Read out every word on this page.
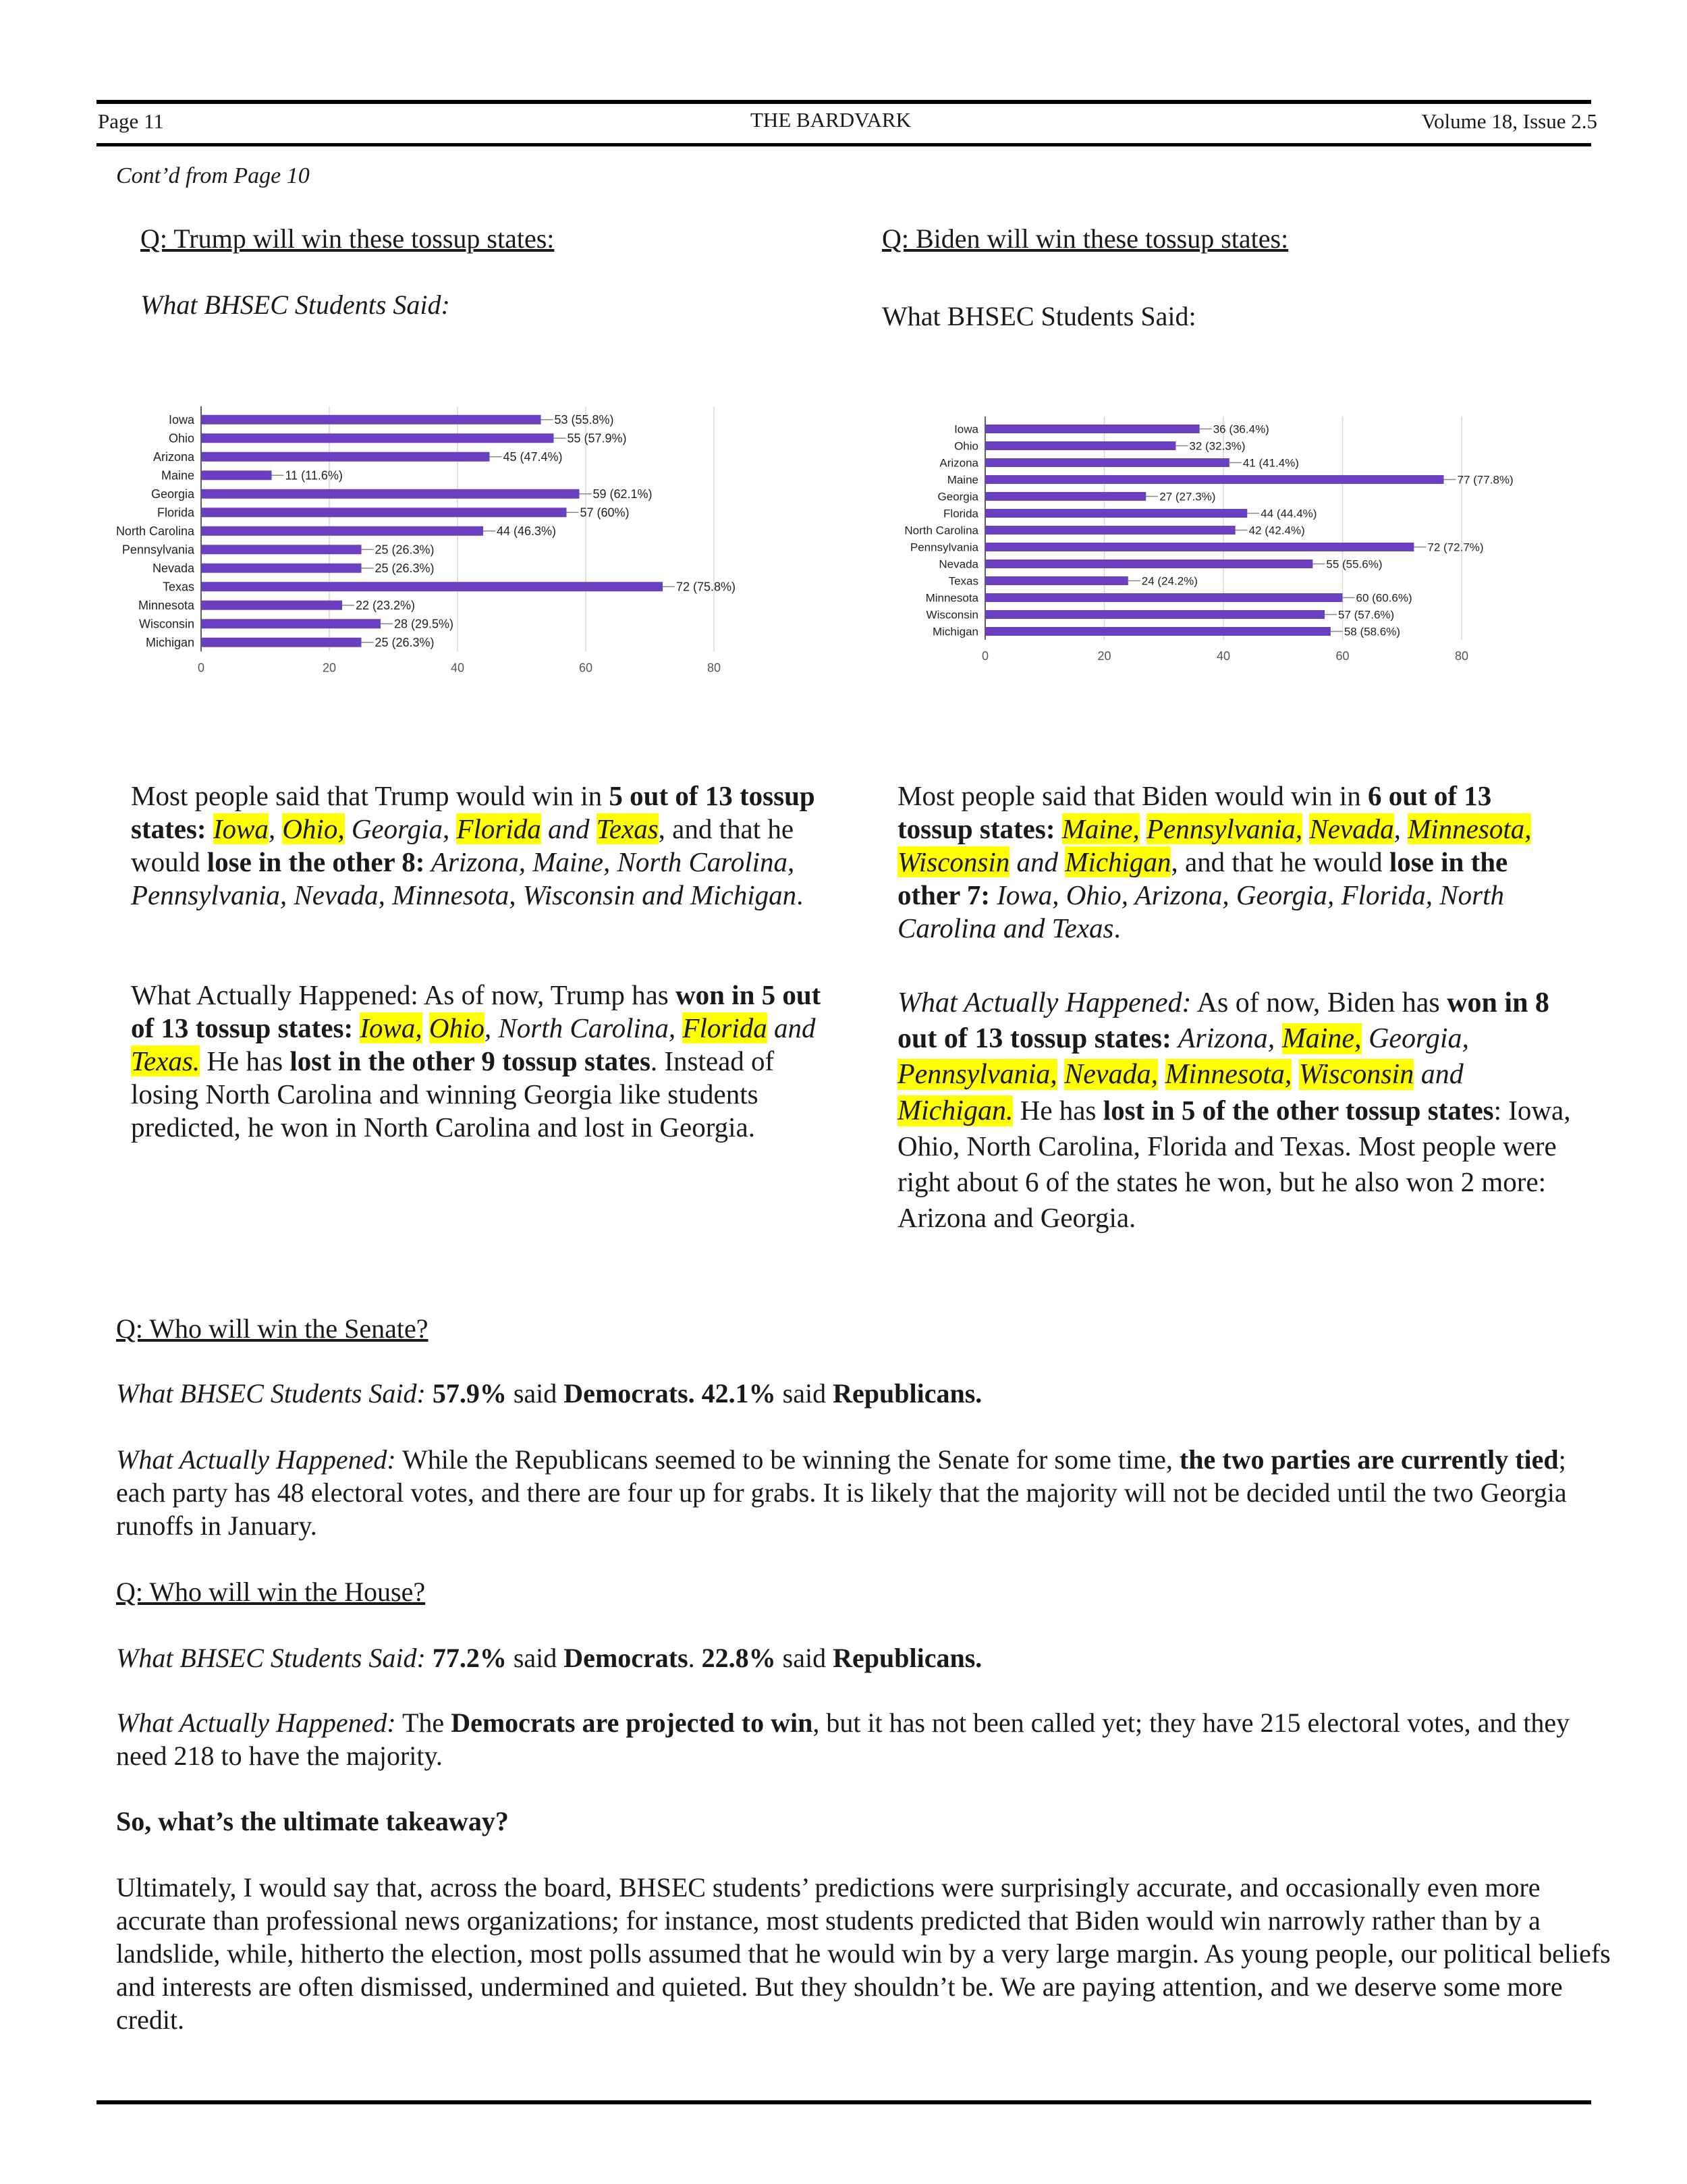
Page 11	THE BARDVARK	Volume 18, Issue 2.5
Cont’d from Page 10
Q: Trump will win these tossup states:
What BHSEC Students Said:
0	20	40	60	80
Iowa	53 (55.8%)
Ohio	55 (57.9%)
Arizona	45 (47.4%)
Maine	11 (11.6%)
Georgia	59 (62.1%)
Florida	57 (60%)
North Carolina	44 (46.3%)
Pennsylvania	25 (26.3%)
Nevada	25 (26.3%)
Texas	72 (75.8%)
Minnesota	22 (23.2%)
Wisconsin	28 (29.5%)
Michigan	25 (26.3%)
Most people said that Trump would win in 5 out of 13 tossup states: Iowa, Ohio, Georgia, Florida and Texas, and that he would lose in the other 8: Arizona, Maine, North Carolina, Pennsylvania, Nevada, Minnesota, Wisconsin and Michigan.
What Actually Happened: As of now, Trump has won in 5 out of 13 tossup states: Iowa, Ohio, North Carolina, Florida and Texas. He has lost in the other 9 tossup states. Instead of losing North Carolina and winning Georgia like students predicted, he won in North Carolina and lost in Georgia.
Q: Biden will win these tossup states:
What BHSEC Students Said:
0	20	40	60	80
Iowa	36 (36.4%)
Ohio	32 (32.3%)
Arizona	41 (41.4%)
Maine	77 (77.8%)
Georgia	27 (27.3%)
Florida	44 (44.4%)
North Carolina	42 (42.4%)
Pennsylvania	72 (72.7%)
Nevada	55 (55.6%)
Texas	24 (24.2%)
Minnesota	60 (60.6%)
Wisconsin	57 (57.6%)
Michigan	58 (58.6%)
Most people said that Biden would win in 6 out of 13 tossup states: Maine, Pennsylvania, Nevada, Minnesota, Wisconsin and Michigan, and that he would lose in the other 7: Iowa, Ohio, Arizona, Georgia, Florida, North Carolina and Texas.
What Actually Happened: As of now, Biden has won in 8 out of 13 tossup states: Arizona, Maine, Georgia, Pennsylvania, Nevada, Minnesota, Wisconsin and Michigan. He has lost in 5 of the other tossup states: Iowa, Ohio, North Carolina, Florida and Texas. Most people were right about 6 of the states he won, but he also won 2 more: Arizona and Georgia.
Q: Who will win the Senate?
What BHSEC Students Said: 57.9% said Democrats. 42.1% said Republicans.
What Actually Happened: While the Republicans seemed to be winning the Senate for some time, the two parties are currently tied; each party has 48 electoral votes, and there are four up for grabs. It is likely that the majority will not be decided until the two Georgia runoffs in January.
Q: Who will win the House?
What BHSEC Students Said: 77.2% said Democrats. 22.8% said Republicans.
What Actually Happened: The Democrats are projected to win, but it has not been called yet; they have 215 electoral votes, and they need 218 to have the majority.
So, what’s the ultimate takeaway?
Ultimately, I would say that, across the board, BHSEC students’ predictions were surprisingly accurate, and occasionally even more accurate than professional news organizations; for instance, most students predicted that Biden would win narrowly rather than by a landslide, while, hitherto the election, most polls assumed that he would win by a very large margin. As young people, our political beliefs and interests are often dismissed, undermined and quieted. But they shouldn’t be. We are paying attention, and we deserve some more credit.
